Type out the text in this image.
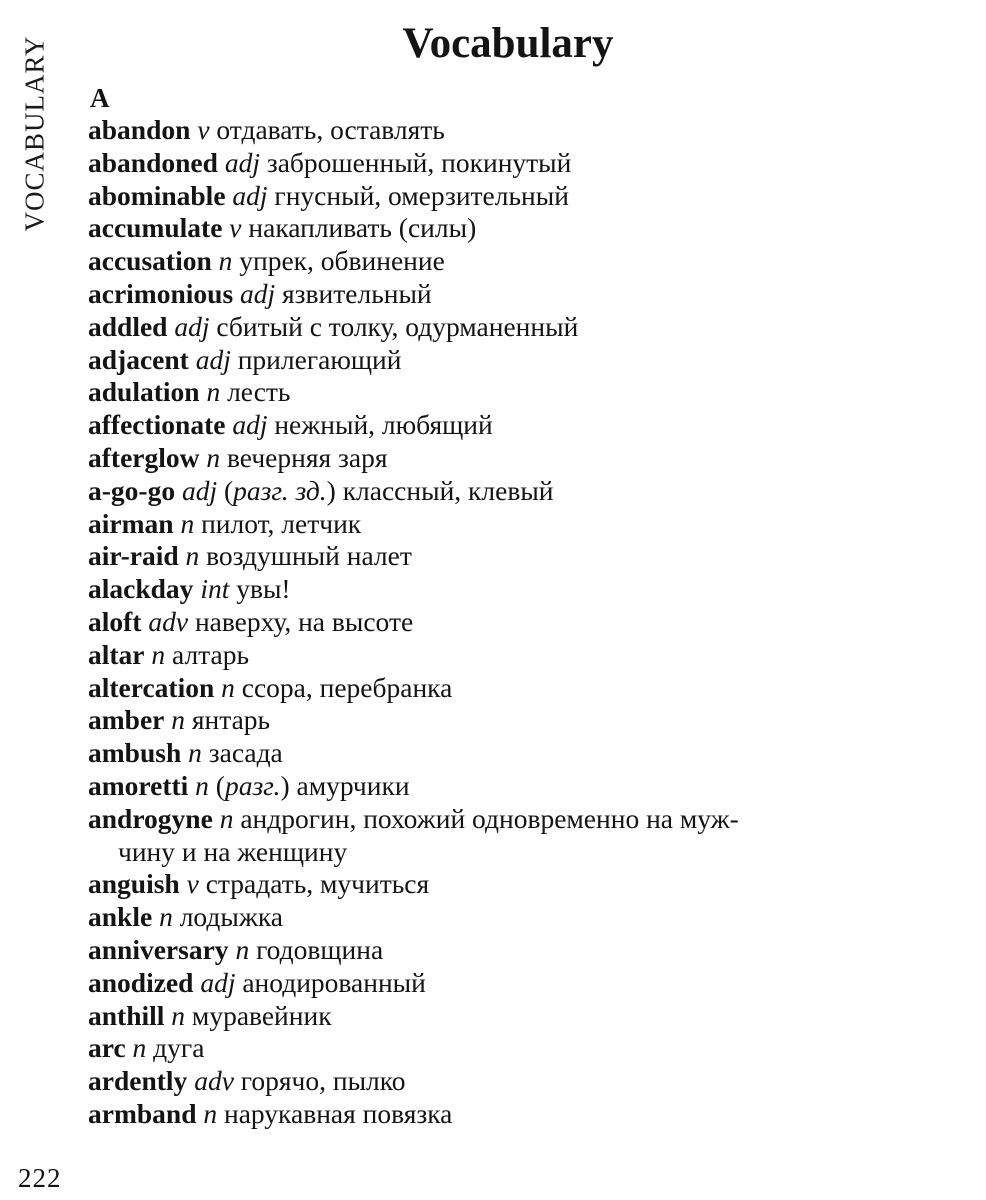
VOCABULARY	Vocabulary
A
abandon v отдавать, оставлять
abandoned adj заброшенный, покинутый
abominable adj гнусный, омерзительный
accumulate v накапливать (силы)
accusation n упрек, обвинение
acrimonious adj язвительный
addled adj сбитый с толку, одурманенный
adjacent adj прилегающий
adulation n лесть
affectionate adj нежный, любящий
afterglow n вечерняя заря
a-go-go adj (разг. зд.) классный, клевый
airman n пилот, летчик
air-raid n воздушный налет
alackday int увы!
aloft adv наверху, на высоте
altar n алтарь
altercation n ссора, перебранка
amber n янтарь
ambush n засада
amoretti n (разг.) амурчики
androgyne n андрогин, похожий одновременно на муж-
чину и на женщину
anguish v страдать, мучиться
ankle n лодыжка
anniversary n годовщина
anodized adj анодированный
anthill n муравейник
arc n дуга
ardently adv горячо, пылко
armband n нарукавная повязка
222
